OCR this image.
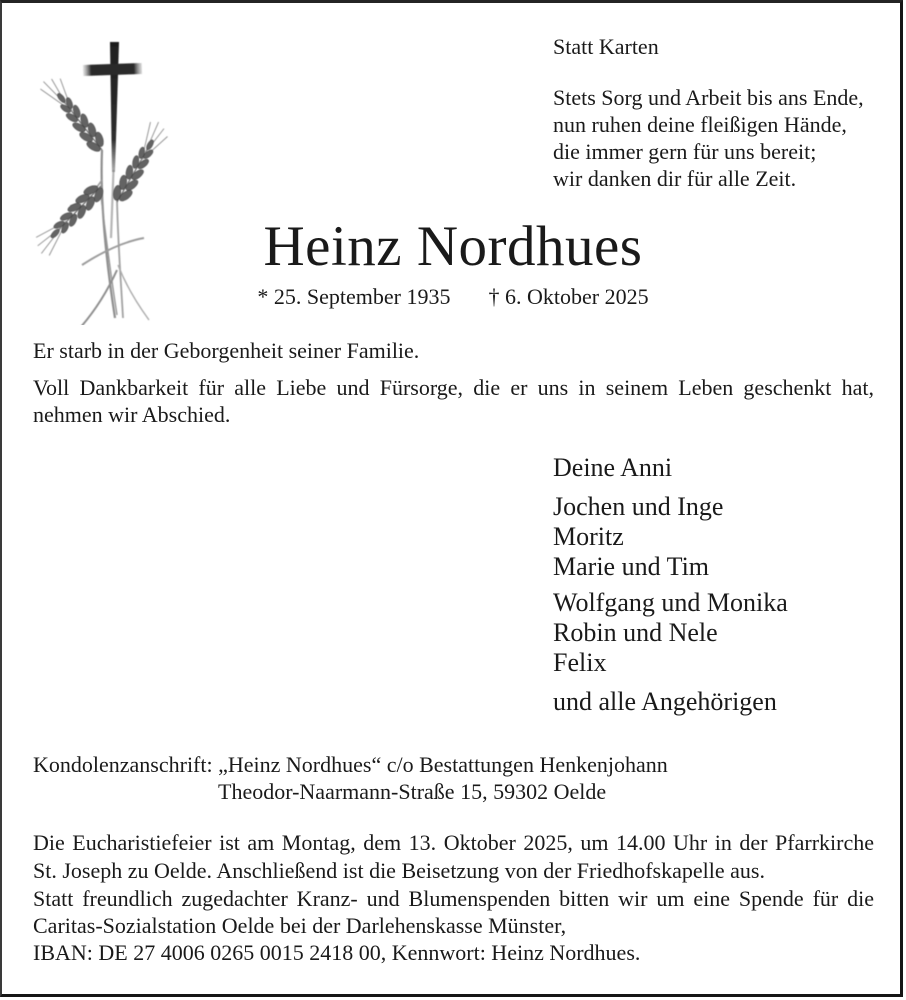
Statt Karten
Stets Sorg und Arbeit bis ans Ende,
nun ruhen deine fleißigen Hände,
die immer gern für uns bereit;
wir danken dir für alle Zeit.
Heinz Nordhues
* 25. September 1935 † 6. Oktober 2025
Er starb in der Geborgenheit seiner Familie.
Voll Dankbarkeit für alle Liebe und Fürsorge, die er uns in seinem Leben geschenkt hat,
nehmen wir Abschied.
Deine Anni
Jochen und Inge
Moritz
Marie und Tim
Wolfgang und Monika
Robin und Nele
Felix
und alle Angehörigen
Kondolenzanschrift: „Heinz Nordhues“ c/o Bestattungen Henkenjohann
Theodor-Naarmann-Straße 15, 59302 Oelde
Die Eucharistiefeier ist am Montag, dem 13. Oktober 2025, um 14.00 Uhr in der Pfarrkirche
St. Joseph zu Oelde. Anschließend ist die Beisetzung von der Friedhofskapelle aus.
Statt freundlich zugedachter Kranz- und Blumenspenden bitten wir um eine Spende für die
Caritas-Sozialstation Oelde bei der Darlehenskasse Münster,
IBAN: DE 27 4006 0265 0015 2418 00, Kennwort: Heinz Nordhues.
